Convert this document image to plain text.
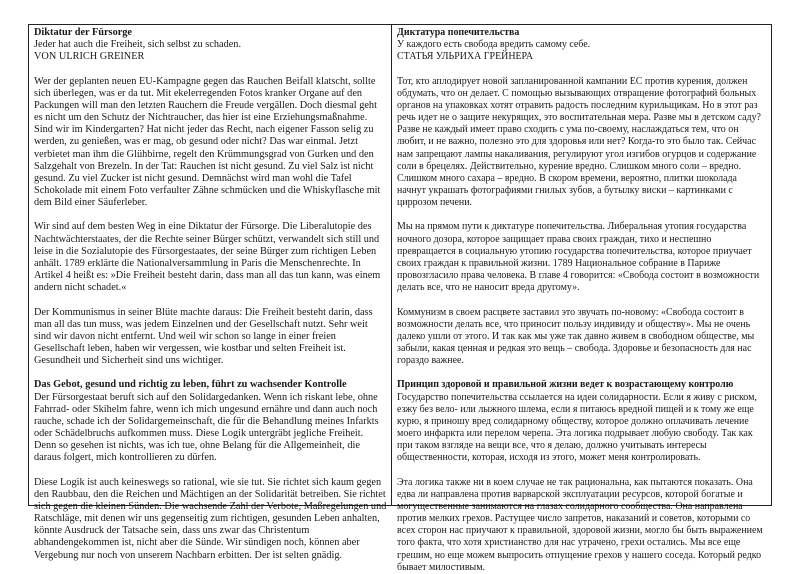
Diktatur der Fürsorge
Jeder hat auch die Freiheit, sich selbst zu schaden.
VON ULRICH GREINER

Wer der geplanten neuen EU-Kampagne gegen das Rauchen Beifall klatscht, sollte sich überlegen, was er da tut. Mit ekelerregenden Fotos kranker Organe auf den Packungen will man den letzten Rauchern die Freude vergällen. Doch diesmal geht es nicht um den Schutz der Nichtraucher, das hier ist eine Erziehungsmaßnahme. Sind wir im Kindergarten? Hat nicht jeder das Recht, nach eigener Fasson selig zu werden, zu genießen, was er mag, ob gesund oder nicht? Das war einmal. Jetzt verbietet man ihm die Glühbirne, regelt den Krümmungsgrad von Gurken und den Salzgehalt von Brezeln. In der Tat: Rauchen ist nicht gesund. Zu viel Salz ist nicht gesund. Zu viel Zucker ist nicht gesund. Demnächst wird man wohl die Tafel Schokolade mit einem Foto verfaulter Zähne schmücken und die Whiskyflasche mit dem Bild einer Säuferleber.

Wir sind auf dem besten Weg in eine Diktatur der Fürsorge. Die Liberalutopie des Nachtwächterstaates, der die Rechte seiner Bürger schützt, verwandelt sich still und leise in die Sozialutopie des Fürsorgestaates, der seine Bürger zum richtigen Leben anhält. 1789 erklärte die Nationalversammlung in Paris die Menschenrechte. In Artikel 4 heißt es: »Die Freiheit besteht darin, dass man all das tun kann, was einem andern nicht schadet.«

Der Kommunismus in seiner Blüte machte daraus: Die Freiheit besteht darin, dass man all das tun muss, was jedem Einzelnen und der Gesellschaft nutzt. Sehr weit sind wir davon nicht entfernt. Und weil wir schon so lange in einer freien Gesellschaft leben, haben wir vergessen, wie kostbar und selten Freiheit ist. Gesundheit und Sicherheit sind uns wichtiger.

Das Gebot, gesund und richtig zu leben, führt zu wachsender Kontrolle

Der Fürsorgestaat beruft sich auf den Solidargedanken. Wenn ich riskant lebe, ohne Fahrrad- oder Skihelm fahre, wenn ich mich ungesund ernähre und dann auch noch rauche, schade ich der Solidargemeinschaft, die für die Behandlung meines Infarkts oder Schädelbruchs aufkommen muss. Diese Logik untergräbt jegliche Freiheit. Denn so gesehen ist nichts, was ich tue, ohne Belang für die Allgemeinheit, die daraus folgert, mich kontrollieren zu dürfen.

Diese Logik ist auch keineswegs so rational, wie sie tut. Sie richtet sich kaum gegen den Raubbau, den die Reichen und Mächtigen an der Solidarität betreiben. Sie richtet sich gegen die kleinen Sünden. Die wachsende Zahl der Verbote, Maßregelungen und Ratschläge, mit denen wir uns gegenseitig zum richtigen, gesunden Leben anhalten, könnte Ausdruck der Tatsache sein, dass uns zwar das Christentum abhandengekommen ist, nicht aber die Sünde. Wir sündigen noch, können aber Vergebung nur noch von unserem Nachbarn erbitten. Der ist selten gnädig.

Диктатура попечительства
У каждого есть свобода вредить самому себе.
СТАТЬЯ УЛЬРИХА ГРЕЙНЕРА

Тот, кто аплодирует новой запланированной кампании ЕС против курения, должен обдумать, что он делает. С помощью вызывающих отвращение фотографий больных органов на упаковках хотят отравить радость последним курильщикам. Но в этот раз речь идет не о защите некурящих, это воспитательная мера. Разве мы в детском саду? Разве не каждый имеет право сходить с ума по-своему, наслаждаться тем, что он любит, и не важно, полезно это для здоровья или нет? Когда-то это было так. Сейчас нам запрещают лампы накаливания, регулируют угол изгибов огурцов и содержание соли в брецелях. Действительно, курение вредно. Слишком много соли – вредно. Слишком много сахара – вредно. В скором времени, вероятно, плитки шоколада начнут украшать фотографиями гнилых зубов, а бутылку виски – картинками с циррозом печени.

Мы на прямом пути к диктатуре попечительства. Либеральная утопия государства ночного дозора, которое защищает права своих граждан, тихо и неспешно превращается в социальную утопию государства попечительства, которое приучает своих граждан к правильной жизни. 1789 Национальное собрание в Париже провозгласило права человека. В главе 4 говорится: «Свобода состоит в возможности делать все, что не наносит вреда другому».

Коммунизм в своем расцвете заставил это звучать по-новому: «Свобода состоит в возможности делать все, что приносит пользу индивиду и обществу». Мы не очень далеко ушли от этого. И так как мы уже так давно живем в свободном обществе, мы забыли, какая ценная и редкая это вещь – свобода. Здоровье и безопасность для нас гораздо важнее.

Принцип здоровой и правильной жизни ведет к возрастающему контролю

Государство попечительства ссылается на идеи солидарности. Если я живу с риском, езжу без вело- или лыжного шлема, если я питаюсь вредной пищей и к тому же еще курю, я приношу вред солидарному обществу, которое должно оплачивать лечение моего инфаркта или перелом черепа. Эта логика подрывает любую свободу. Так как при таком взгляде на вещи все, что я делаю, должно учитывать интересы общественности, которая, исходя из этого, может меня контролировать.

Эта логика также ни в коем случае не так рациональна, как пытаются показать. Она едва ли направлена против варварской эксплуатации ресурсов, которой богатые и могущественные занимаются на глазах солидарного сообщества. Она направлена против мелких грехов. Растущее число запретов, наказаний и советов, которыми со всех сторон нас приучают к правильной, здоровой жизни, могло бы быть выражением того факта, что хотя христианство для нас утрачено, грехи остались. Мы все еще грешим, но еще можем выпросить отпущение грехов у нашего соседа. Который редко бывает милостивым.
